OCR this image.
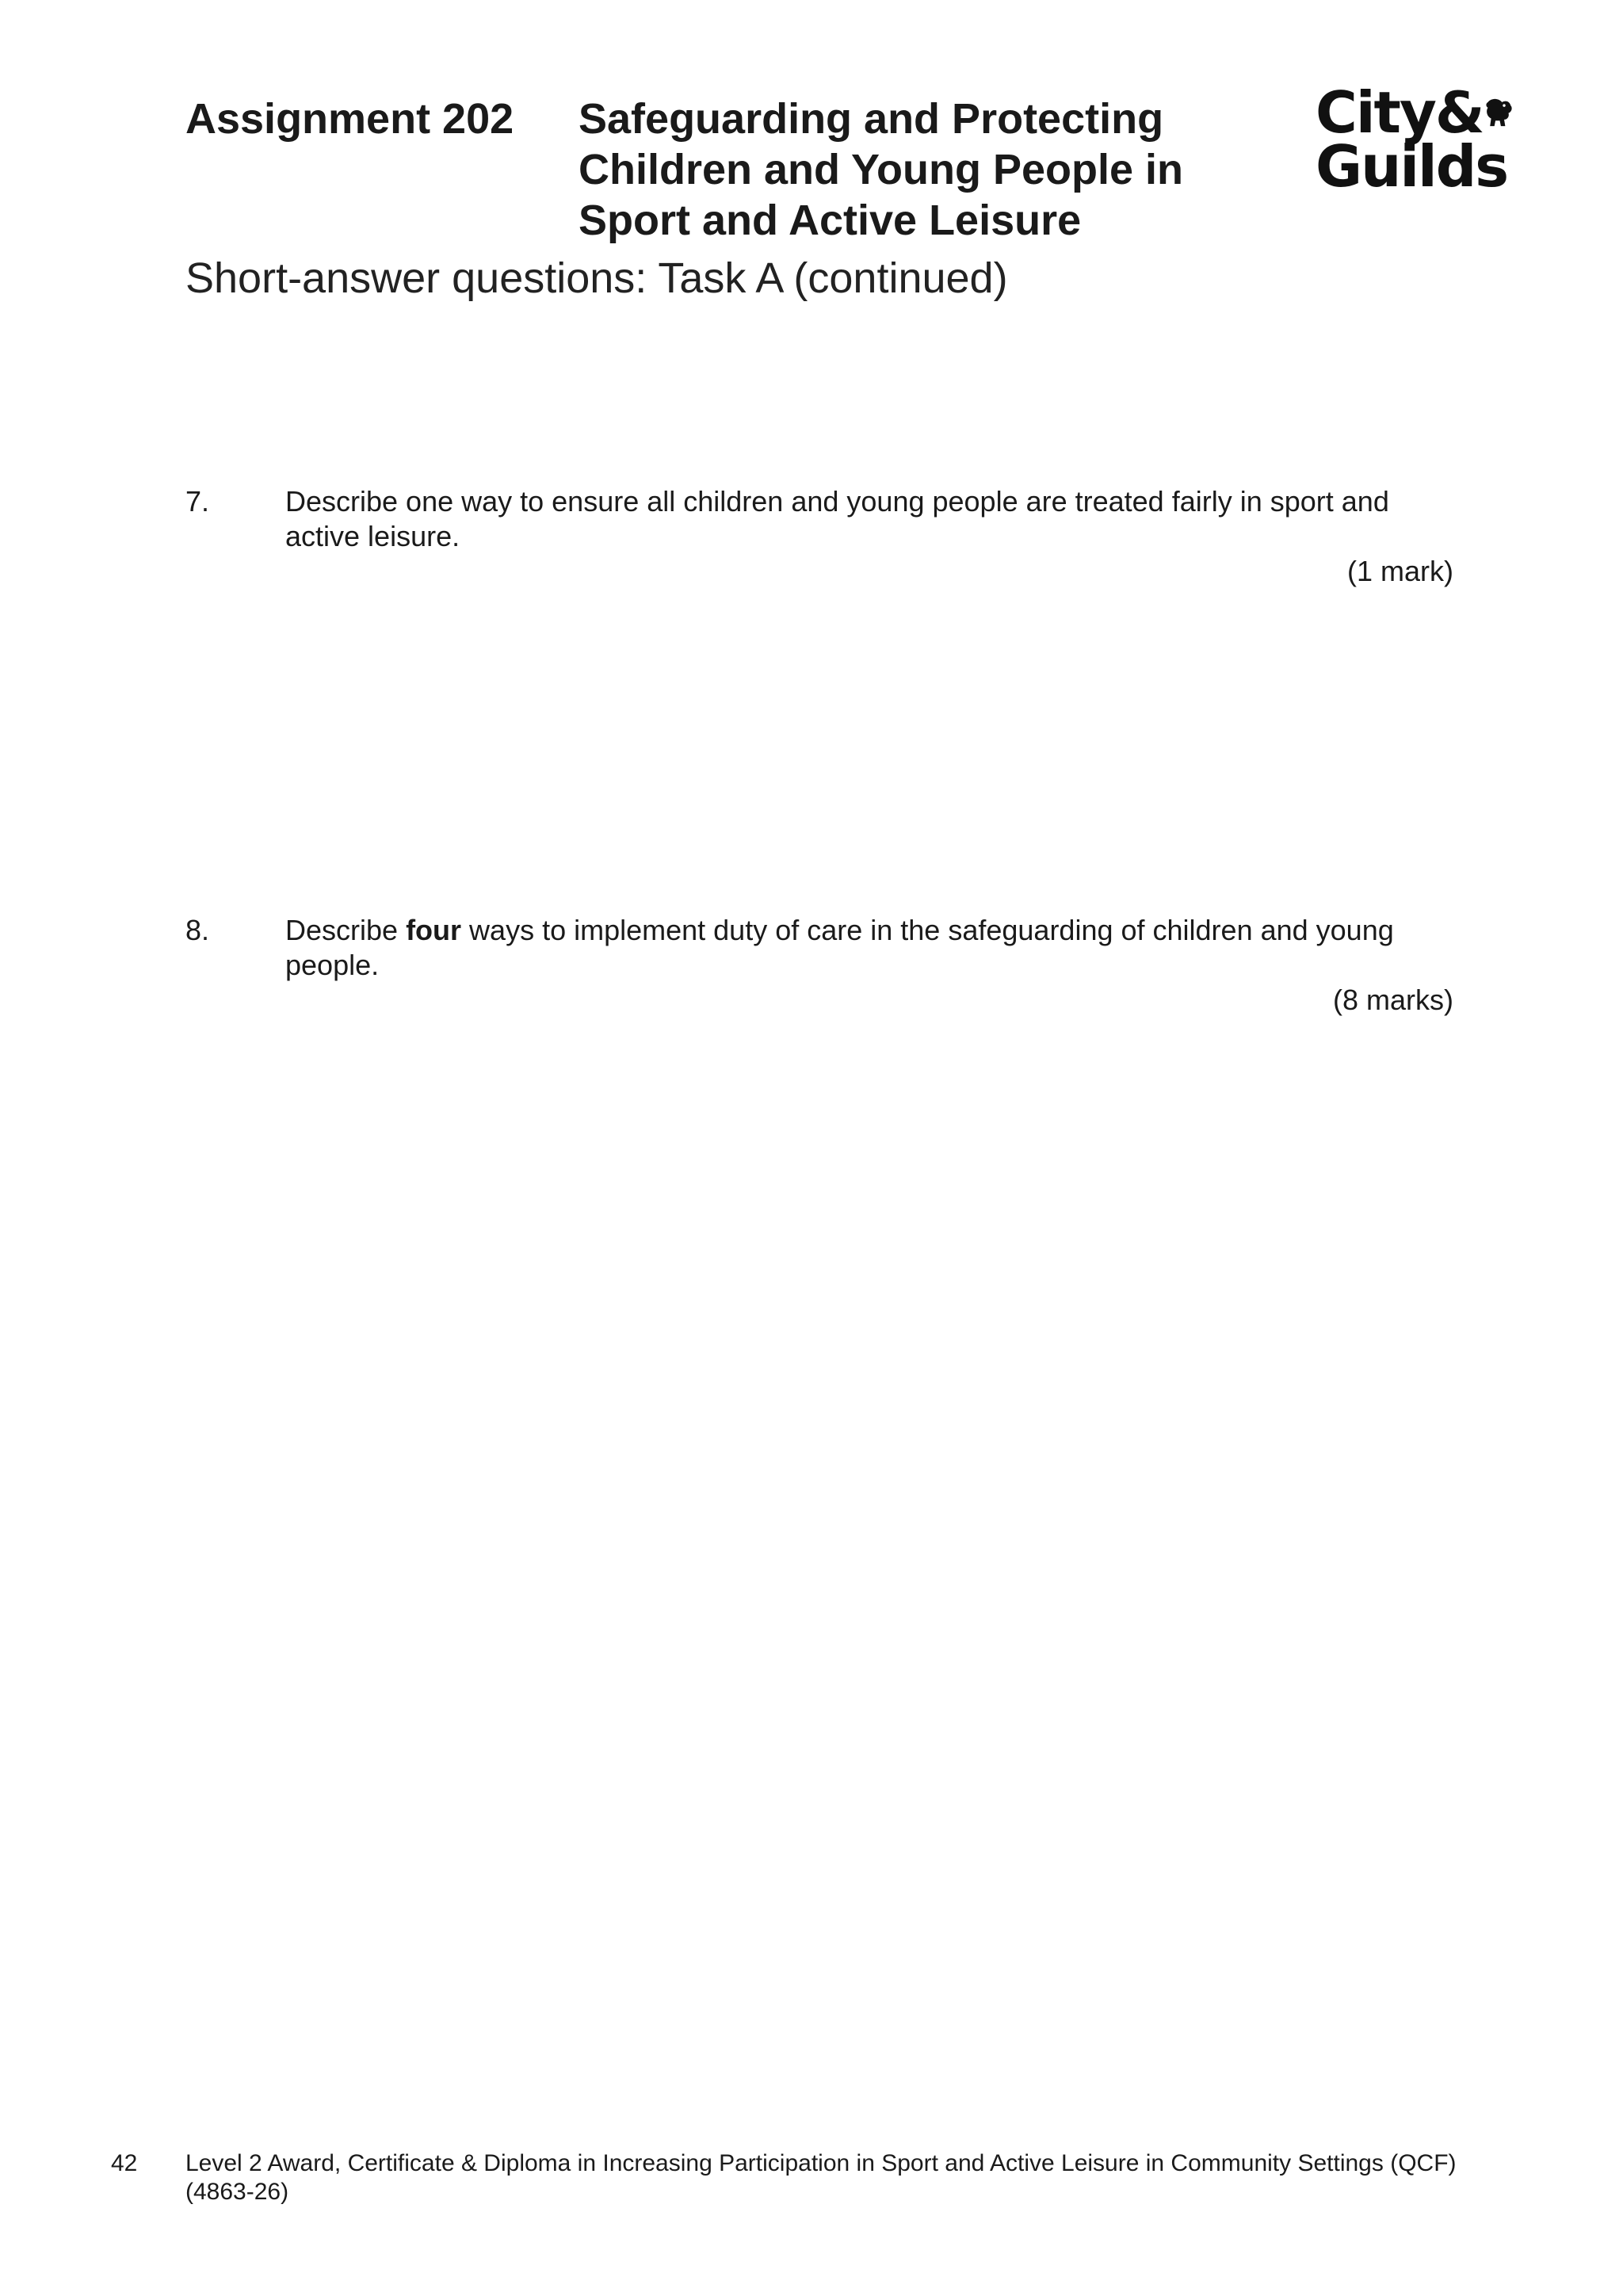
Assignment 202 Safeguarding and Protecting
Children and Young People in
Sport and Active Leisure
Short-answer questions: Task A (continued)
City&
Guilds
7.	Describe one way to ensure all children and young people are treated fairly in sport and active leisure.
(1 mark)
8.	Describe four ways to implement duty of care in the safeguarding of children and young people.
(8 marks)
42 Level 2 Award, Certificate & Diploma in Increasing Participation in Sport and Active Leisure in Community Settings (QCF)
(4863-26)
